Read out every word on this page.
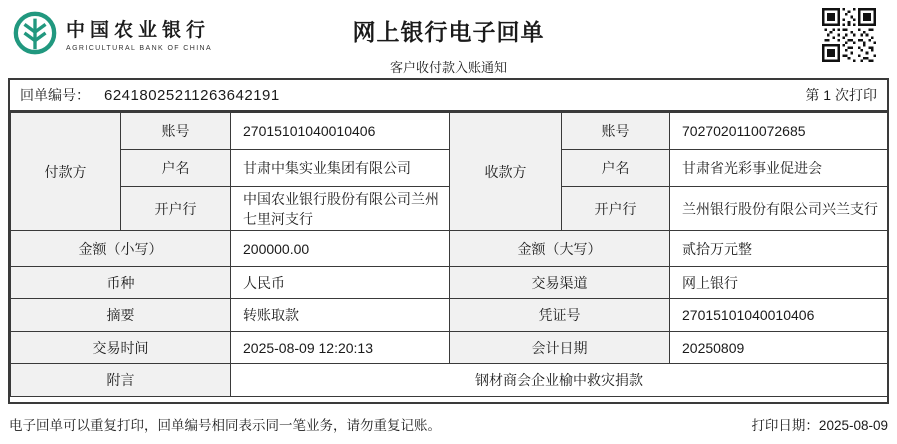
中国农业银行
AGRICULTURAL BANK OF CHINA
网上银行电子回单
客户收付款入账通知
回单编号： 62418025211263642191	第 1 次打印
付款方	账号	27015101040010406	收款方	账号	7027020110072685
	户名	甘肃中集实业集团有限公司		户名	甘肃省光彩事业促进会
	开户行	中国农业银行股份有限公司兰州七里河支行		开户行	兰州银行股份有限公司兴兰支行
金额（小写）		200000.00	金额（大写）		贰拾万元整
币种		人民币	交易渠道		网上银行
摘要		转账取款	凭证号		27015101040010406
交易时间		2025-08-09 12:20:13	会计日期		20250809
附言		钢材商会企业榆中救灾捐款			
电子回单可以重复打印，回单编号相同表示同一笔业务，请勿重复记账。	打印日期：2025-08-09
